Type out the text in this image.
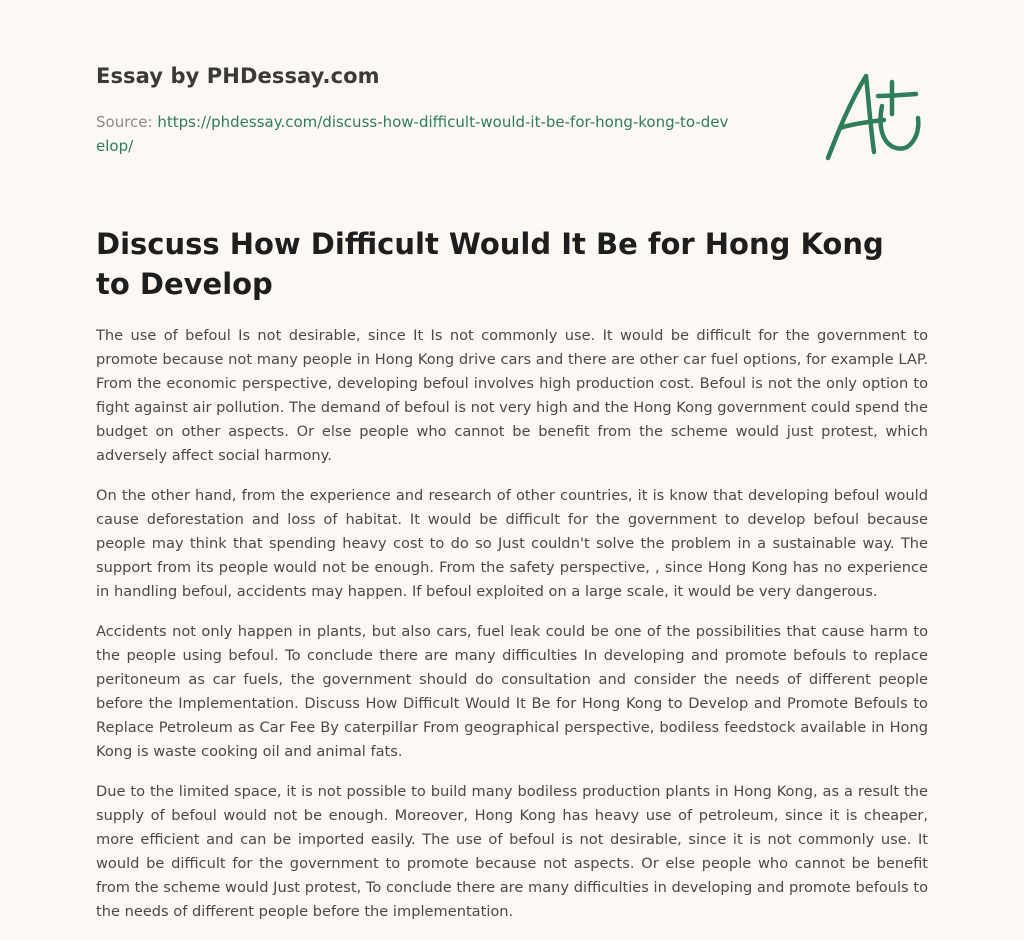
Essay by PHDessay.com
Source: https://phdessay.com/discuss-how-difficult-would-it-be-for-hong-kong-to-develop/
Discuss How Difficult Would It Be for Hong Kong to Develop

The use of befoul Is not desirable, since It Is not commonly use. It would be difficult for the government to promote because not many people in Hong Kong drive cars and there are other car fuel options, for example LAP. From the economic perspective, developing befoul involves high production cost. Befoul is not the only option to fight against air pollution. The demand of befoul is not very high and the Hong Kong government could spend the budget on other aspects. Or else people who cannot be benefit from the scheme would just protest, which adversely affect social harmony.

On the other hand, from the experience and research of other countries, it is know that developing befoul would cause deforestation and loss of habitat. It would be difficult for the government to develop befoul because people may think that spending heavy cost to do so Just couldn't solve the problem in a sustainable way. The support from its people would not be enough. From the safety perspective, , since Hong Kong has no experience in handling befoul, accidents may happen. If befoul exploited on a large scale, it would be very dangerous.

Accidents not only happen in plants, but also cars, fuel leak could be one of the possibilities that cause harm to the people using befoul. To conclude there are many difficulties In developing and promote befouls to replace peritoneum as car fuels, the government should do consultation and consider the needs of different people before the Implementation. Discuss How Difficult Would It Be for Hong Kong to Develop and Promote Befouls to Replace Petroleum as Car Fee By caterpillar From geographical perspective, bodiless feedstock available in Hong Kong is waste cooking oil and animal fats.

Due to the limited space, it is not possible to build many bodiless production plants in Hong Kong, as a result the supply of befoul would not be enough. Moreover, Hong Kong has heavy use of petroleum, since it is cheaper, more efficient and can be imported easily. The use of befoul is not desirable, since it is not commonly use. It would be difficult for the government to promote because not aspects. Or else people who cannot be benefit from the scheme would Just protest, To conclude there are many difficulties in developing and promote befouls to the needs of different people before the implementation.
